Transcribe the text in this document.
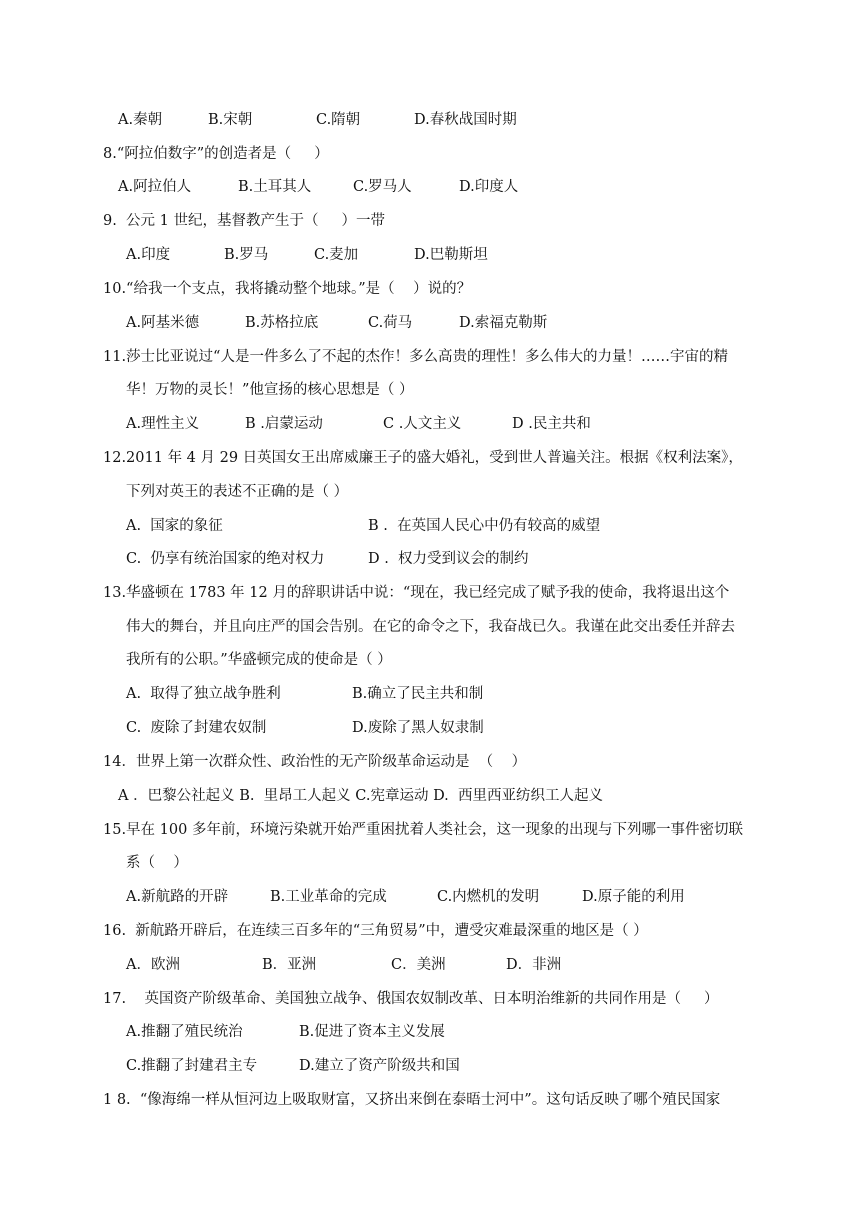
A.秦朝	B.宋朝	C.隋朝	D.春秋战国时期
8.“阿拉伯数字”的创造者是（     ）
A.阿拉伯人	B.土耳其人	C.罗马人	D.印度人
9.  公元 1 世纪，基督教产生于（     ）一带
A.印度	B.罗马	C.麦加	D.巴勒斯坦
10.“给我一个支点，我将撬动整个地球。”是（    ）说的？
A.阿基米德	B.苏格拉底	C.荷马	D.索福克勒斯
11.莎士比亚说过“人是一件多么了不起的杰作！多么高贵的理性！多么伟大的力量！……宇宙的精
华！万物的灵长！”他宣扬的核心思想是（ ）
A.理性主义	B .启蒙运动	C .人文主义	D .民主共和
12.2011 年 4 月 29 日英国女王出席威廉王子的盛大婚礼，受到世人普遍关注。根据《权利法案》，
下列对英王的表述不正确的是（ ）
A.  国家的象征	B .  在英国人民心中仍有较高的威望
C.  仍享有统治国家的绝对权力	D .  权力受到议会的制约
13.华盛顿在 1783 年 12 月的辞职讲话中说：“现在，我已经完成了赋予我的使命，我将退出这个
伟大的舞台，并且向庄严的国会告别。在它的命令之下，我奋战已久。我谨在此交出委任并辞去
我所有的公职。”华盛顿完成的使命是（ ）
A.  取得了独立战争胜利	B.确立了民主共和制
C.  废除了封建农奴制	D.废除了黑人奴隶制
14．世界上第一次群众性、政治性的无产阶级革命运动是  （    ）
A ．巴黎公社起义 B.  里昂工人起义 C.宪章运动 D.  西里西亚纺织工人起义
15.早在 100 多年前，环境污染就开始严重困扰着人类社会，这一现象的出现与下列哪一事件密切联
系（    ）
A.新航路的开辟	B.工业革命的完成	C.内燃机的发明	D.原子能的利用
16.  新航路开辟后，在连续三百多年的“三角贸易”中，遭受灾难最深重的地区是（ ）
A．欧洲	B．亚洲	C．美洲	D．非洲
17.    英国资产阶级革命、美国独立战争、俄国农奴制改革、日本明治维新的共同作用是（     ）
A.推翻了殖民统治	B.促进了资本主义发展
C.推翻了封建君主专	D.建立了资产阶级共和国
1 8.  “像海绵一样从恒河边上吸取财富，又挤出来倒在泰晤士河中”。这句话反映了哪个殖民国家
